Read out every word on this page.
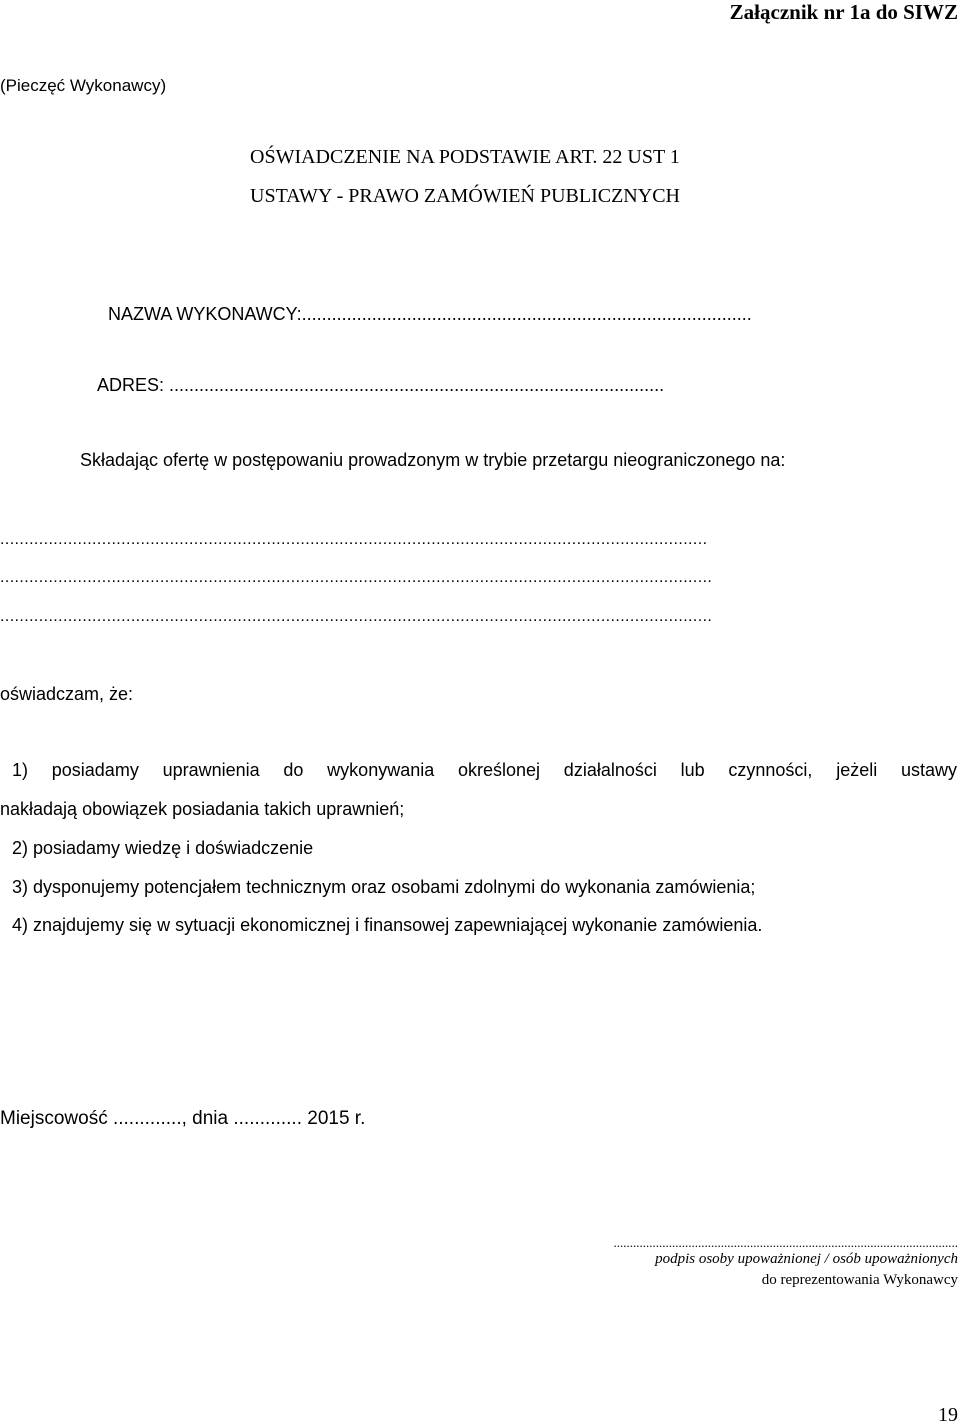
Załącznik nr 1a do SIWZ
(Pieczęć Wykonawcy)
OŚWIADCZENIE NA PODSTAWIE ART. 22 UST 1
USTAWY - PRAWO ZAMÓWIEŃ PUBLICZNYCH
NAZWA WYKONAWCY:..........................................................................................
ADRES: ...................................................................................................
Składając ofertę w postępowaniu prowadzonym w trybie przetargu nieograniczonego na:
..................................................................................................................................................
...................................................................................................................................................
...................................................................................................................................................
oświadczam, że:
1) posiadamy uprawnienia do wykonywania określonej działalności lub czynności, jeżeli ustawy
nakładają obowiązek posiadania takich uprawnień;
2) posiadamy wiedzę i doświadczenie
3) dysponujemy potencjałem technicznym oraz osobami zdolnymi do wykonania zamówienia;
4) znajdujemy się w sytuacji ekonomicznej i finansowej zapewniającej wykonanie zamówienia.
Miejscowość ............., dnia ............. 2015 r.
..........................................................................................................
podpis osoby upoważnionej / osób upoważnionych
do reprezentowania Wykonawcy
19
